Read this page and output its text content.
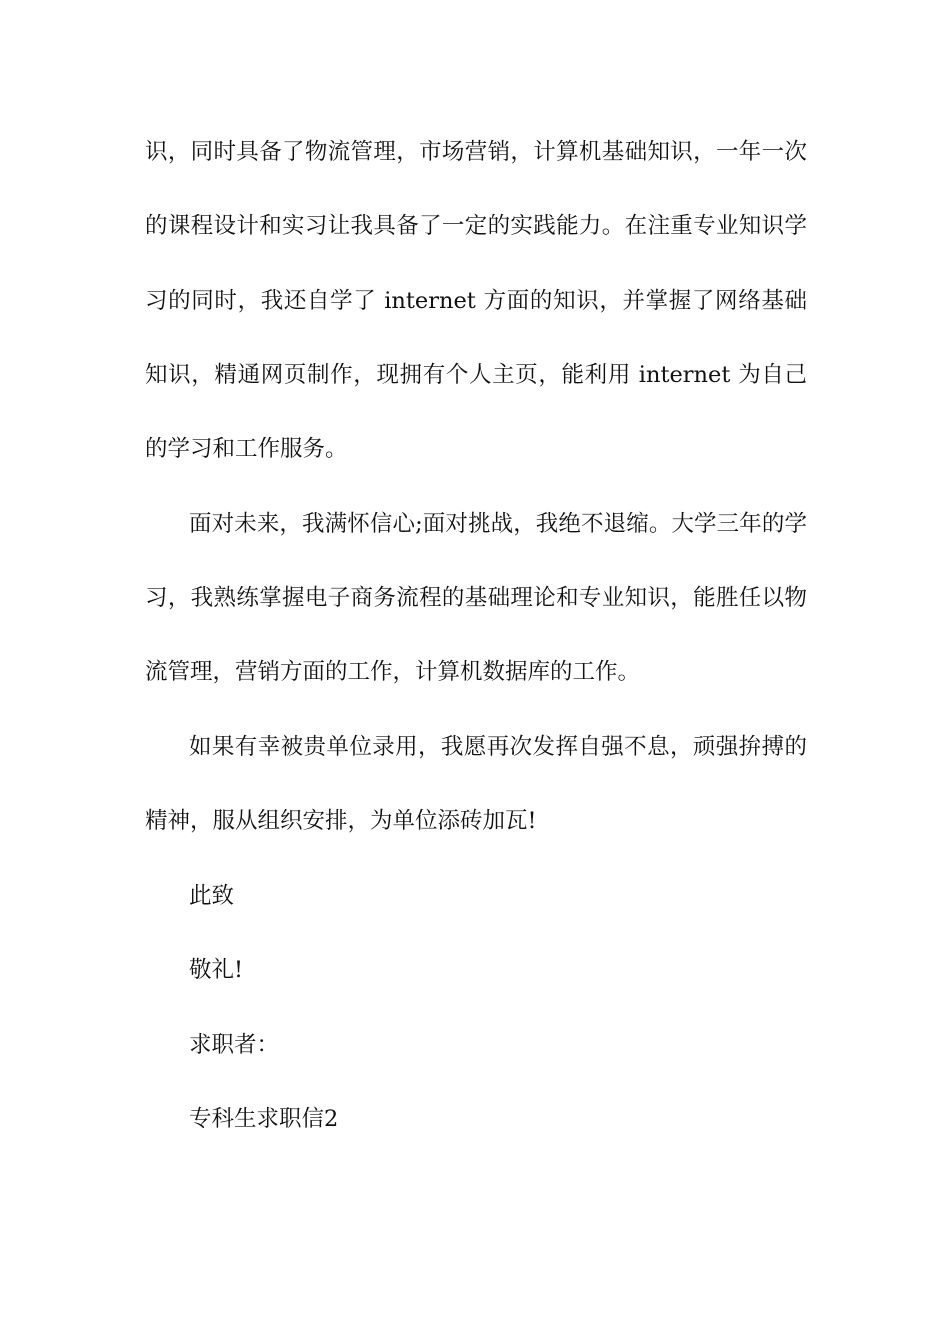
识，同时具备了物流管理，市场营销，计算机基础知识，一年一次
的课程设计和实习让我具备了一定的实践能力。在注重专业知识学
习的同时，我还自学了 internet 方面的知识，并掌握了网络基础
知识，精通网页制作，现拥有个人主页，能利用 internet 为自己
的学习和工作服务。
面对未来，我满怀信心;面对挑战，我绝不退缩。大学三年的学
习，我熟练掌握电子商务流程的基础理论和专业知识，能胜任以物
流管理，营销方面的工作，计算机数据库的工作。
如果有幸被贵单位录用，我愿再次发挥自强不息，顽强拚搏的
精神，服从组织安排，为单位添砖加瓦!
此致
敬礼!
求职者：
专科生求职信2
